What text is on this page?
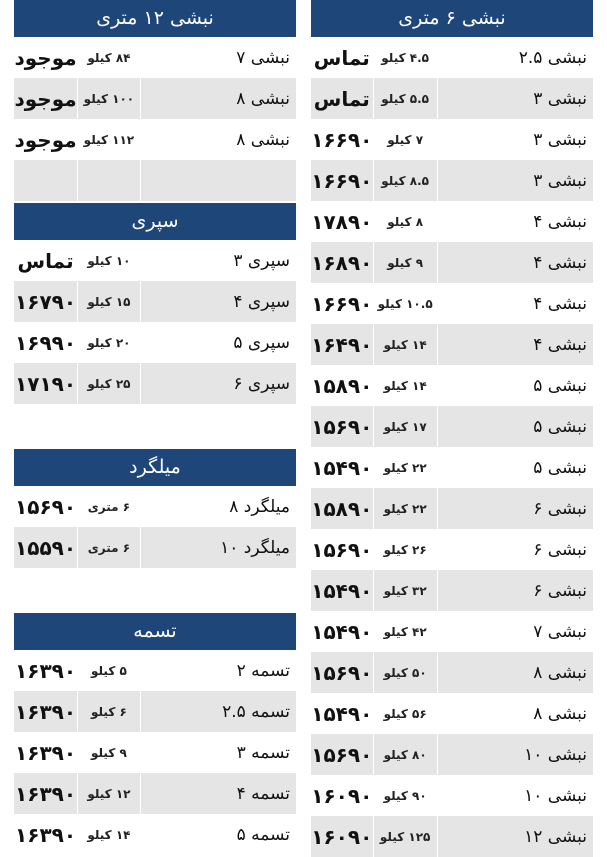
نبشی ۶ متری
تماس ۴.۵ کیلو	نبشی ۲.۵
تماس ۵.۵ کیلو	نبشی ۳
۱۶۶۹۰	۷ کیلو	نبشی ۳
۱۶۶۹۰ ۸.۵ کیلو	نبشی ۳
۱۷۸۹۰	۸ کیلو	نبشی ۴
۱۶۸۹۰	۹ کیلو	نبشی ۴
۱۶۶۹۰ ۱۰.۵ کیلو	نبشی ۴
۱۶۴۹۰ ۱۴ کیلو	نبشی ۴
۱۵۸۹۰ ۱۴ کیلو	نبشی ۵
۱۵۶۹۰ ۱۷ کیلو	نبشی ۵
۱۵۴۹۰ ۲۲ کیلو	نبشی ۵
۱۵۸۹۰ ۲۲ کیلو	نبشی ۶
۱۵۶۹۰ ۲۶ کیلو	نبشی ۶
۱۵۴۹۰ ۳۲ کیلو	نبشی ۶
۱۵۴۹۰ ۴۲ کیلو	نبشی ۷
۱۵۶۹۰ ۵۰ کیلو	نبشی ۸
۱۵۴۹۰ ۵۶ کیلو	نبشی ۸
۱۵۶۹۰ ۸۰ کیلو	نبشی ۱۰
۱۶۰۹۰ ۹۰ کیلو	نبشی ۱۰
۱۶۰۹۰ ۱۲۵ کیلو	نبشی ۱۲
نبشی ۱۲ متری
موجود ۸۴ کیلو	نبشی ۷
موجود ۱۰۰ کیلو	نبشی ۸
موجود ۱۱۲ کیلو	نبشی ۸
سپری
تماس	۱۰ کیلو	سپری ۳
۱۶۷۹۰ ۱۵ کیلو	سپری ۴
۱۶۹۹۰ ۲۰ کیلو	سپری ۵
۱۷۱۹۰ ۲۵ کیلو	سپری ۶
میلگرد
۱۵۶۹۰ ۶ متری	میلگرد ۸
۱۵۵۹۰ ۶ متری	میلگرد ۱۰
تسمه
۱۶۳۹۰	۵ کیلو	تسمه ۲
۱۶۳۹۰	۶ کیلو	تسمه ۲.۵
۱۶۳۹۰	۹ کیلو	تسمه ۳
۱۶۳۹۰ ۱۲ کیلو	تسمه ۴
۱۶۳۹۰ ۱۴ کیلو	تسمه ۵
